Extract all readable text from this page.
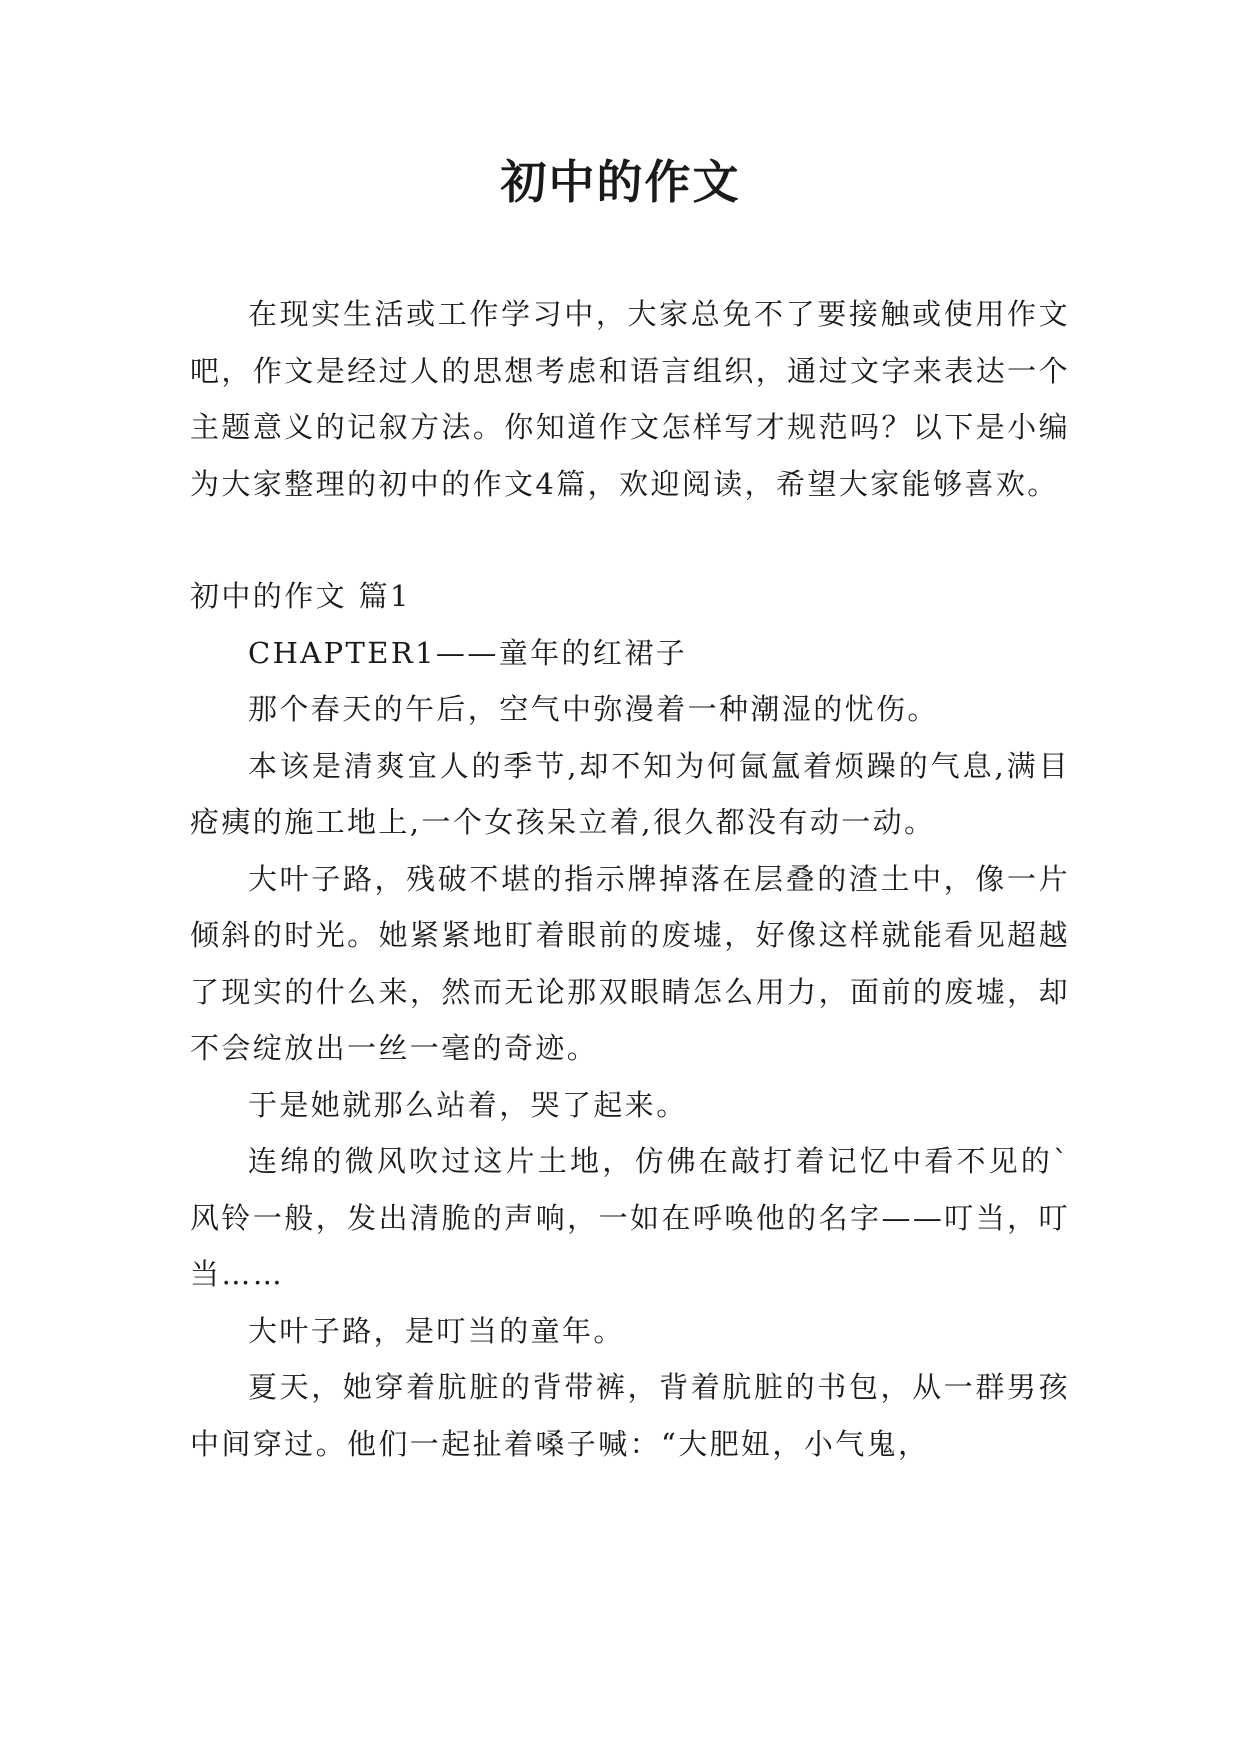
初中的作文

在现实生活或工作学习中，大家总免不了要接触或使用作文吧，作文是经过人的思想考虑和语言组织，通过文字来表达一个主题意义的记叙方法。你知道作文怎样写才规范吗？以下是小编为大家整理的初中的作文4篇，欢迎阅读，希望大家能够喜欢。

初中的作文 篇1

CHAPTER1——童年的红裙子

那个春天的午后，空气中弥漫着一种潮湿的忧伤。

本该是清爽宜人的季节,却不知为何氤氲着烦躁的气息,满目疮痍的施工地上,一个女孩呆立着,很久都没有动一动。

大叶子路，残破不堪的指示牌掉落在层叠的渣土中，像一片倾斜的时光。她紧紧地盯着眼前的废墟，好像这样就能看见超越了现实的什么来，然而无论那双眼睛怎么用力，面前的废墟，却不会绽放出一丝一毫的奇迹。

于是她就那么站着，哭了起来。

连绵的微风吹过这片土地，仿佛在敲打着记忆中看不见的`风铃一般，发出清脆的声响，一如在呼唤他的名字——叮当，叮当……

大叶子路，是叮当的童年。

夏天，她穿着肮脏的背带裤，背着肮脏的书包，从一群男孩中间穿过。他们一起扯着嗓子喊：“大肥妞，小气鬼，
